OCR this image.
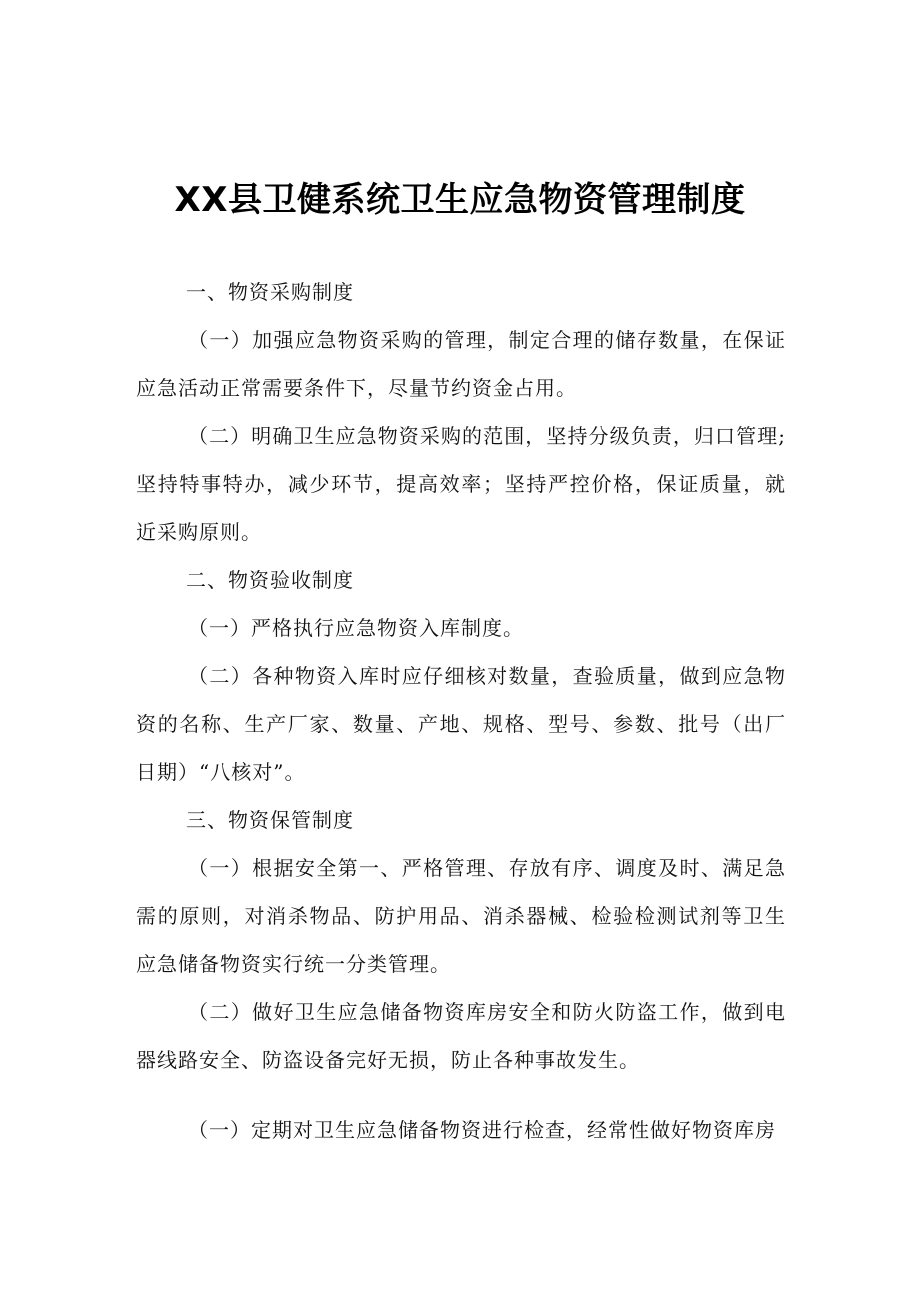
XX县卫健系统卫生应急物资管理制度

一、物资采购制度

（一）加强应急物资采购的管理，制定合理的储存数量，在保证应急活动正常需要条件下，尽量节约资金占用。

（二）明确卫生应急物资采购的范围，坚持分级负责，归口管理;坚持特事特办，减少环节，提高效率；坚持严控价格，保证质量，就近采购原则。

二、物资验收制度

（一）严格执行应急物资入库制度。

（二）各种物资入库时应仔细核对数量，查验质量，做到应急物资的名称、生产厂家、数量、产地、规格、型号、参数、批号（出厂日期）“八核对”。

三、物资保管制度

（一）根据安全第一、严格管理、存放有序、调度及时、满足急需的原则，对消杀物品、防护用品、消杀器械、检验检测试剂等卫生应急储备物资实行统一分类管理。

（二）做好卫生应急储备物资库房安全和防火防盗工作，做到电器线路安全、防盗设备完好无损，防止各种事故发生。

（一）定期对卫生应急储备物资进行检查，经常性做好物资库房
